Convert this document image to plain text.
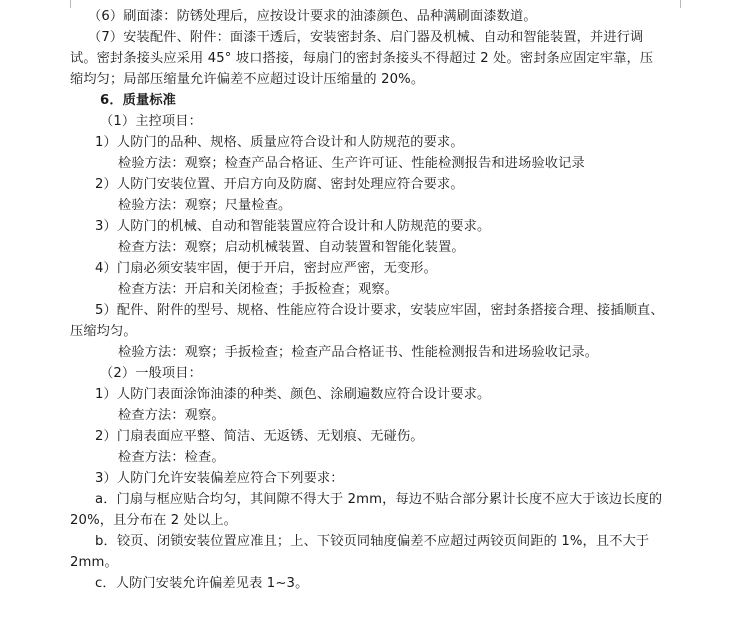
（6）刷面漆：防锈处理后，应按设计要求的油漆颜色、品种满刷面漆数道。
（7）安装配件、附件：面漆干透后，安装密封条、启门器及机械、自动和智能装置，并进行调
试。密封条接头应采用 45° 坡口搭接，每扇门的密封条接头不得超过 2 处。密封条应固定牢靠，压
缩均匀；局部压缩量允许偏差不应超过设计压缩量的 20%。
6．质量标准
（1）主控项目：
1）人防门的品种、规格、质量应符合设计和人防规范的要求。
检验方法：观察；检查产品合格证、生产许可证、性能检测报告和进场验收记录
2）人防门安装位置、开启方向及防腐、密封处理应符合要求。
检验方法：观察；尺量检查。
3）人防门的机械、自动和智能装置应符合设计和人防规范的要求。
检查方法：观察；启动机械装置、自动装置和智能化装置。
4）门扇必须安装牢固，便于开启，密封应严密，无变形。
检查方法：开启和关闭检查；手扳检查；观察。
5）配件、附件的型号、规格、性能应符合设计要求，安装应牢固，密封条搭接合理、接插顺直、
压缩均匀。
检验方法：观察；手扳检查；检查产品合格证书、性能检测报告和进场验收记录。
（2）一般项目：
1）人防门表面涂饰油漆的种类、颜色、涂刷遍数应符合设计要求。
检查方法：观察。
2）门扇表面应平整、简洁、无返锈、无划痕、无碰伤。
检查方法：检查。
3）人防门允许安装偏差应符合下列要求：
a．门扇与框应贴合均匀，其间隙不得大于 2mm，每边不贴合部分累计长度不应大于该边长度的
20%，且分布在 2 处以上。
b．铰页、闭锁安装位置应准且；上、下铰页同轴度偏差不应超过两铰页间距的 1%，且不大于
2mm。
c．人防门安装允许偏差见表 1~3。
